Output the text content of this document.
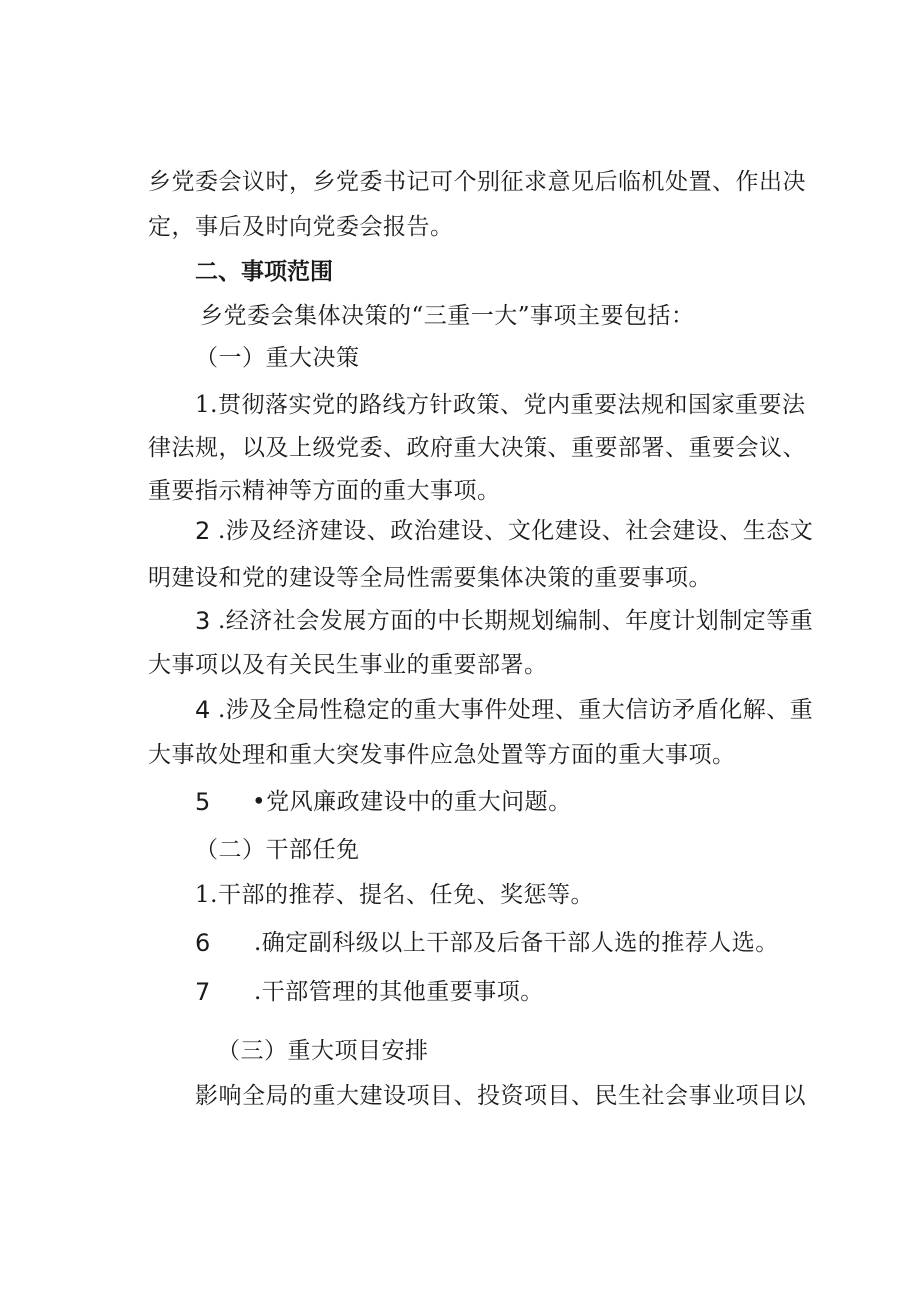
乡党委会议时，乡党委书记可个别征求意见后临机处置、作出决
定，事后及时向党委会报告。
二、事项范围
乡党委会集体决策的“三重一大”事项主要包括：
（一）重大决策
1.贯彻落实党的路线方针政策、党内重要法规和国家重要法
律法规，以及上级党委、政府重大决策、重要部署、重要会议、
重要指示精神等方面的重大事项。
2 .涉及经济建设、政治建设、文化建设、社会建设、生态文
明建设和党的建设等全局性需要集体决策的重要事项。
3 .经济社会发展方面的中长期规划编制、年度计划制定等重
大事项以及有关民生事业的重要部署。
4 .涉及全局性稳定的重大事件处理、重大信访矛盾化解、重
大事故处理和重大突发事件应急处置等方面的重大事项。
5 •党风廉政建设中的重大问题。
（二）干部任免
1.干部的推荐、提名、任免、奖惩等。
6 .确定副科级以上干部及后备干部人选的推荐人选。
7 .干部管理的其他重要事项。
（三）重大项目安排
影响全局的重大建设项目、投资项目、民生社会事业项目以
